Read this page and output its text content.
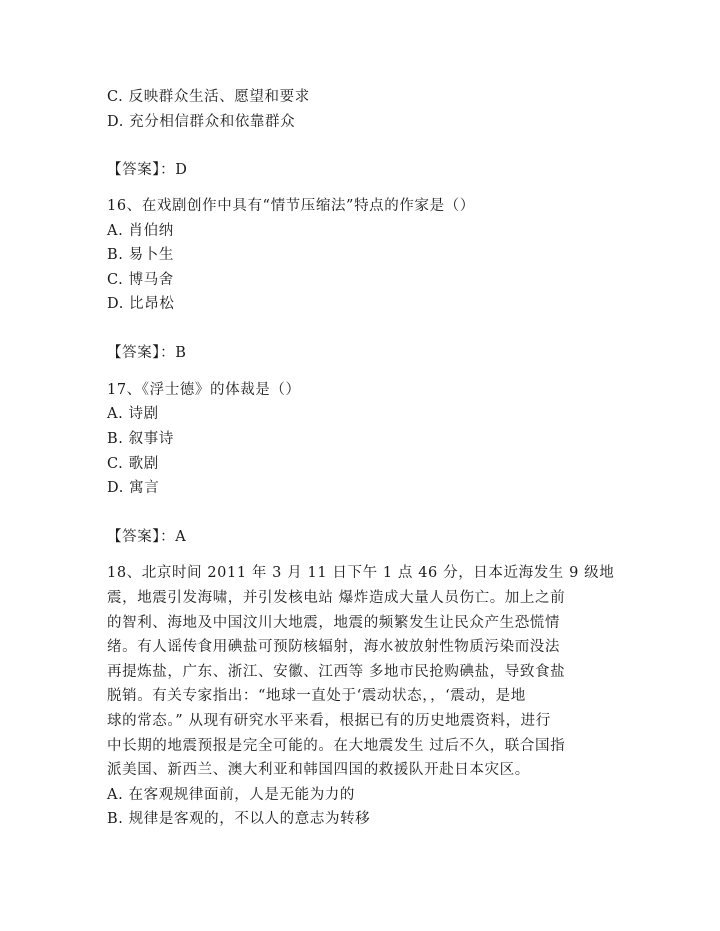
C. 反映群众生活、愿望和要求
D. 充分相信群众和依靠群众
【答案】：D
16、在戏剧创作中具有“情节压缩法”特点的作家是（）
A. 肖伯纳
B. 易卜生
C. 博马舍
D. 比昂松
【答案】：B
17、《浮士德》的体裁是（）
A. 诗剧
B. 叙事诗
C. 歌剧
D. 寓言
【答案】：A
18、北京时间 2011 年 3 月 11 日下午 1 点 46 分，日本近海发生 9 级地
震，地震引发海啸，并引发核电站 爆炸造成大量人员伤亡。加上之前
的智利、海地及中国汶川大地震，地震的频繁发生让民众产生恐慌情
绪。有人谣传食用碘盐可预防核辐射，海水被放射性物质污染而没法
再提炼盐，广东、浙江、安徽、江西等 多地市民抢购碘盐，导致食盐
脱销。有关专家指出：“地球一直处于‘震动状态，，‘震动，是地
球的常态。” 从现有研究水平来看，根据已有的历史地震资料，进行
中长期的地震预报是完全可能的。在大地震发生 过后不久，联合国指
派美国、新西兰、澳大利亚和韩国四国的救援队开赴日本灾区。
A. 在客观规律面前，人是无能为力的
B. 规律是客观的，不以人的意志为转移
